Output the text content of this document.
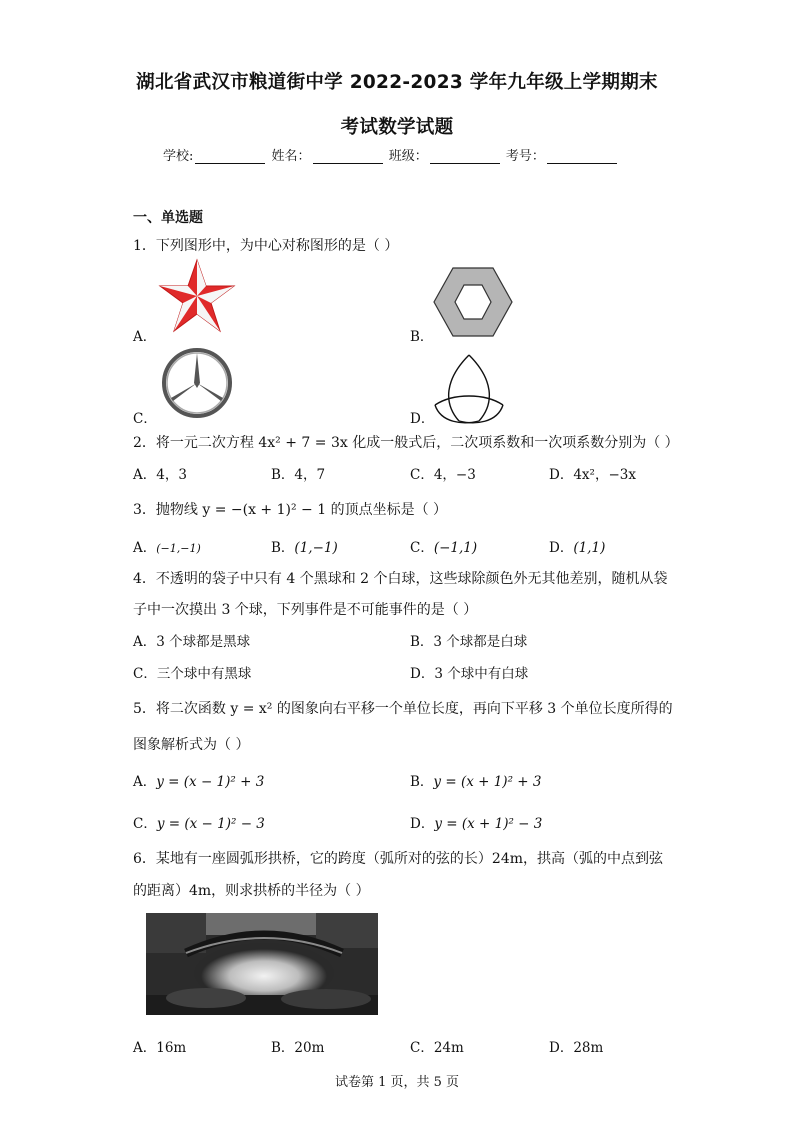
湖北省武汉市粮道街中学 2022-2023 学年九年级上学期期末
考试数学试题
学校:	姓名：	班级：	考号：
一、单选题
1．下列图形中，为中心对称图形的是（ ）
A．	B．
C．	D．
2．将一元二次方程 4x² + 7 = 3x 化成一般式后，二次项系数和一次项系数分别为（ ）
A．4，3	B．4，7	C．4，−3	D．4x²，−3x
3．抛物线 y = −(x + 1)² − 1 的顶点坐标是（ ）
A．(−1,−1)	B．(1,−1)	C．(−1,1)	D．(1,1)
4．不透明的袋子中只有 4 个黑球和 2 个白球，这些球除颜色外无其他差别，随机从袋
子中一次摸出 3 个球，下列事件是不可能事件的是（ ）
A．3 个球都是黑球	B．3 个球都是白球
C．三个球中有黑球	D．3 个球中有白球
5．将二次函数 y = x² 的图象向右平移一个单位长度，再向下平移 3 个单位长度所得的
图象解析式为（ ）
A．y = (x − 1)² + 3	B．y = (x + 1)² + 3
C．y = (x − 1)² − 3	D．y = (x + 1)² − 3
6．某地有一座圆弧形拱桥，它的跨度（弧所对的弦的长）24m，拱高（弧的中点到弦
的距离）4m，则求拱桥的半径为（ ）
A．16m	B．20m	C．24m	D．28m
试卷第 1 页，共 5 页
